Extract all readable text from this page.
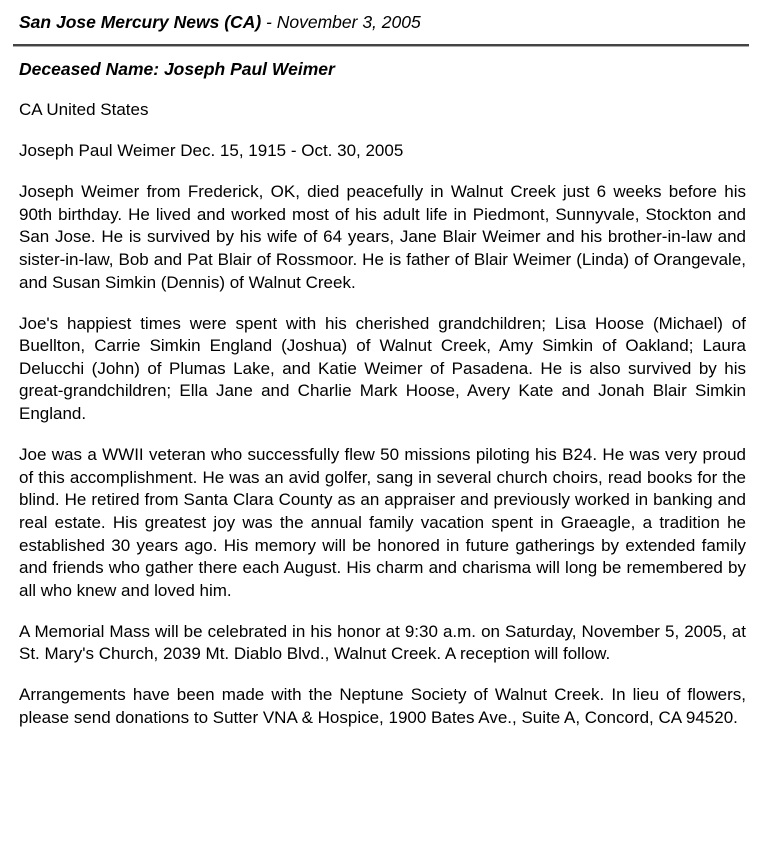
San Jose Mercury News (CA) - November 3, 2005
Deceased Name: Joseph Paul Weimer

CA United States

Joseph Paul Weimer Dec. 15, 1915 - Oct. 30, 2005

Joseph Weimer from Frederick, OK, died peacefully in Walnut Creek just 6 weeks before his 90th birthday. He lived and worked most of his adult life in Piedmont, Sunnyvale, Stockton and San Jose. He is survived by his wife of 64 years, Jane Blair Weimer and his brother-in-law and sister-in-law, Bob and Pat Blair of Rossmoor. He is father of Blair Weimer (Linda) of Orangevale, and Susan Simkin (Dennis) of Walnut Creek.

Joe's happiest times were spent with his cherished grandchildren; Lisa Hoose (Michael) of Buellton, Carrie Simkin England (Joshua) of Walnut Creek, Amy Simkin of Oakland; Laura Delucchi (John) of Plumas Lake, and Katie Weimer of Pasadena. He is also survived by his great-grandchildren; Ella Jane and Charlie Mark Hoose, Avery Kate and Jonah Blair Simkin England.

Joe was a WWII veteran who successfully flew 50 missions piloting his B24. He was very proud of this accomplishment. He was an avid golfer, sang in several church choirs, read books for the blind. He retired from Santa Clara County as an appraiser and previously worked in banking and real estate. His greatest joy was the annual family vacation spent in Graeagle, a tradition he established 30 years ago. His memory will be honored in future gatherings by extended family and friends who gather there each August. His charm and charisma will long be remembered by all who knew and loved him.

A Memorial Mass will be celebrated in his honor at 9:30 a.m. on Saturday, November 5, 2005, at St. Mary's Church, 2039 Mt. Diablo Blvd., Walnut Creek. A reception will follow.

Arrangements have been made with the Neptune Society of Walnut Creek. In lieu of flowers, please send donations to Sutter VNA & Hospice, 1900 Bates Ave., Suite A, Concord, CA 94520.
